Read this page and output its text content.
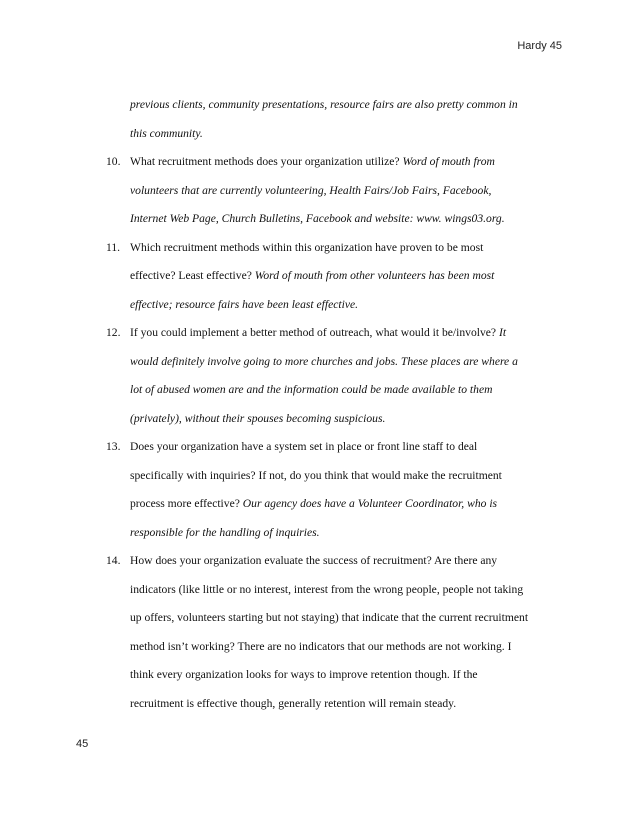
Hardy 45
previous clients, community presentations, resource fairs are also pretty common in
this community.
10. What recruitment methods does your organization utilize? Word of mouth from
volunteers that are currently volunteering, Health Fairs/Job Fairs, Facebook,
Internet Web Page, Church Bulletins, Facebook and website: www. wings03.org.
11. Which recruitment methods within this organization have proven to be most
effective? Least effective? Word of mouth from other volunteers has been most
effective; resource fairs have been least effective.
12. If you could implement a better method of outreach, what would it be/involve? It
would definitely involve going to more churches and jobs. These places are where a
lot of abused women are and the information could be made available to them
(privately), without their spouses becoming suspicious.
13. Does your organization have a system set in place or front line staff to deal
specifically with inquiries? If not, do you think that would make the recruitment
process more effective? Our agency does have a Volunteer Coordinator, who is
responsible for the handling of inquiries.
14. How does your organization evaluate the success of recruitment? Are there any
indicators (like little or no interest, interest from the wrong people, people not taking
up offers, volunteers starting but not staying) that indicate that the current recruitment
method isn’t working? There are no indicators that our methods are not working. I
think every organization looks for ways to improve retention though. If the
recruitment is effective though, generally retention will remain steady.
45
